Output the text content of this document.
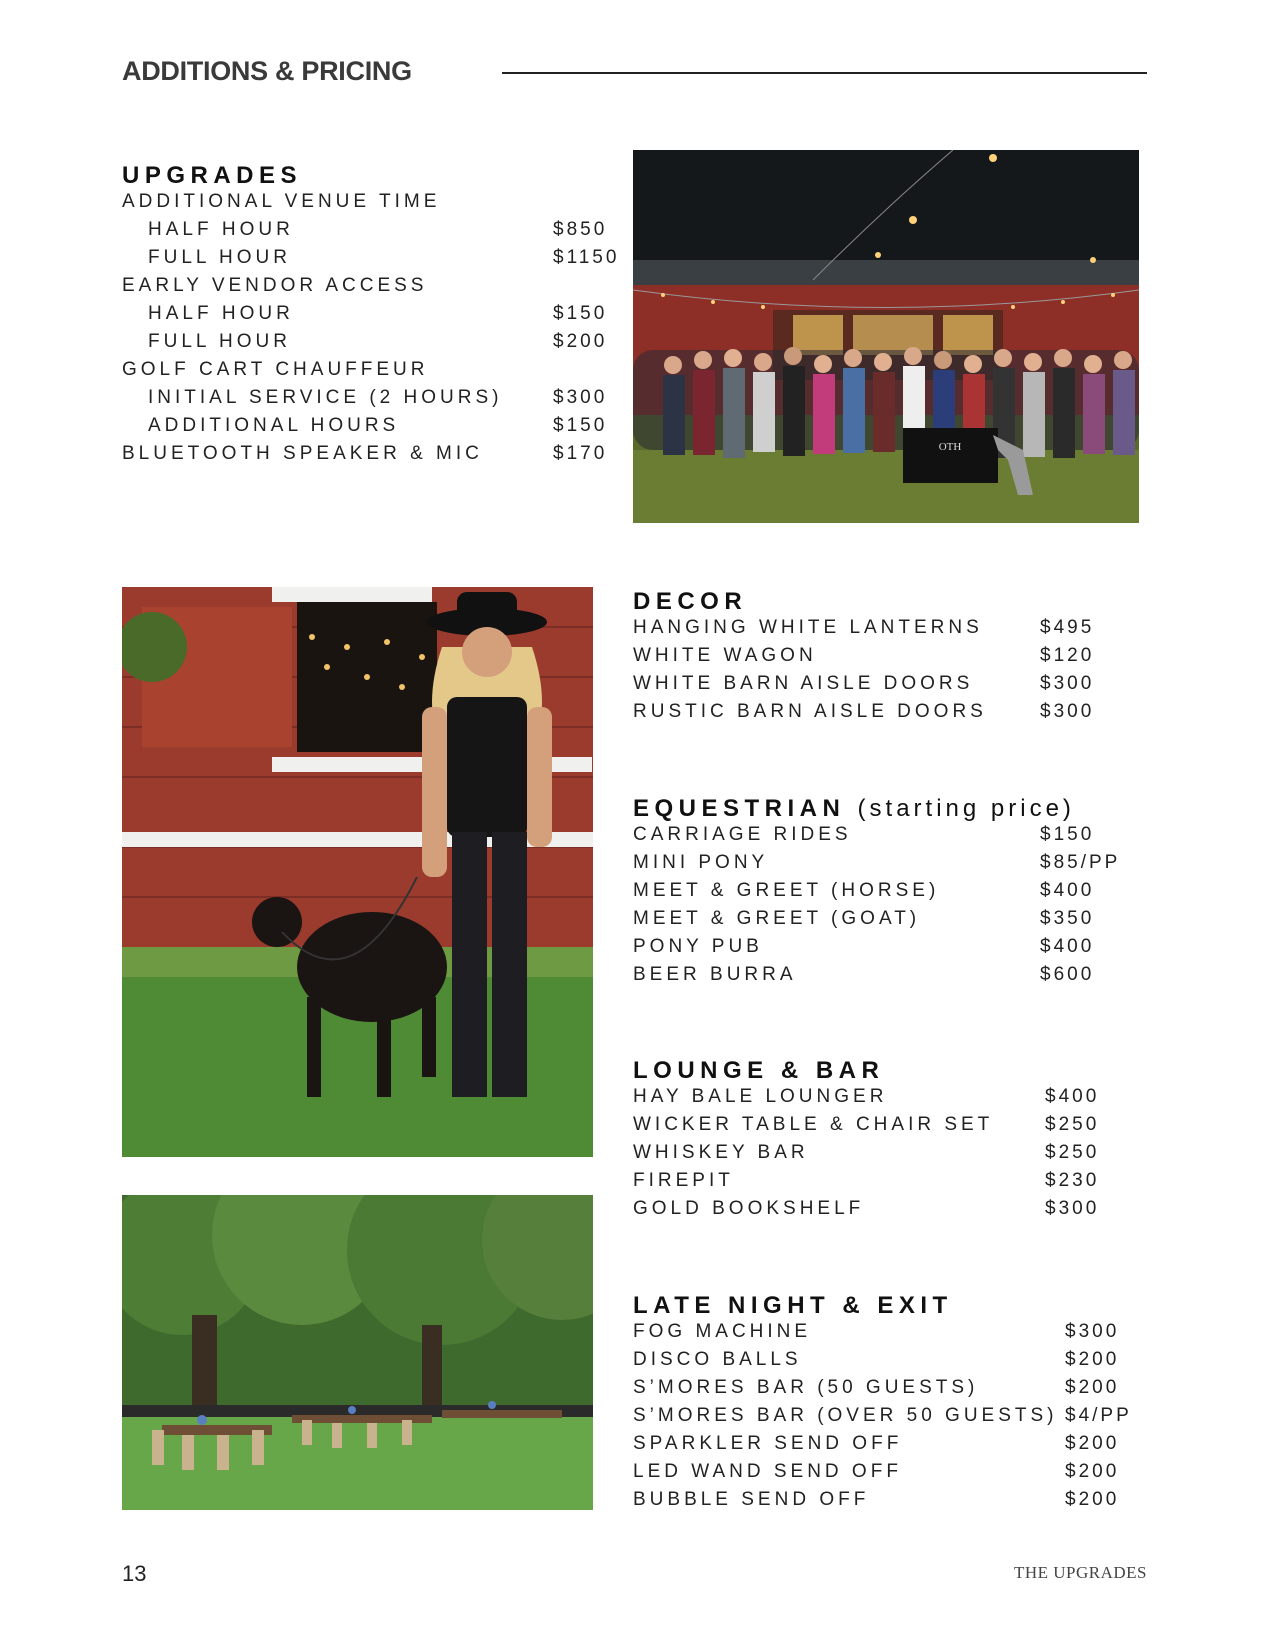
ADDITIONS & PRICING
UPGRADES
ADDITIONAL VENUE TIME
HALF HOUR	$850
FULL HOUR	$1150
EARLY VENDOR ACCESS
HALF HOUR	$150
FULL HOUR	$200
GOLF CART CHAUFFEUR
INITIAL SERVICE (2 HOURS)	$300
ADDITIONAL HOURS	$150
BLUETOOTH SPEAKER & MIC	$170	OTH
DECOR
HANGING WHITE LANTERNS	$495
WHITE WAGON	$120
WHITE BARN AISLE DOORS	$300
RUSTIC BARN AISLE DOORS	$300
EQUESTRIAN (starting price)
CARRIAGE RIDES	$150
MINI PONY	$85/PP
MEET & GREET (HORSE)	$400
MEET & GREET (GOAT)	$350
PONY PUB	$400
BEER BURRA	$600
LOUNGE & BAR
HAY BALE LOUNGER	$400
WICKER TABLE & CHAIR SET	$250
WHISKEY BAR	$250
FIREPIT	$230
GOLD BOOKSHELF	$300
LATE NIGHT & EXIT
FOG MACHINE	$300
DISCO BALLS	$200
S’MORES BAR (50 GUESTS)	$200
S’MORES BAR (OVER 50 GUESTS) $4/PP
SPARKLER SEND OFF	$200
LED WAND SEND OFF	$200
BUBBLE SEND OFF	$200
13	THE UPGRADES
